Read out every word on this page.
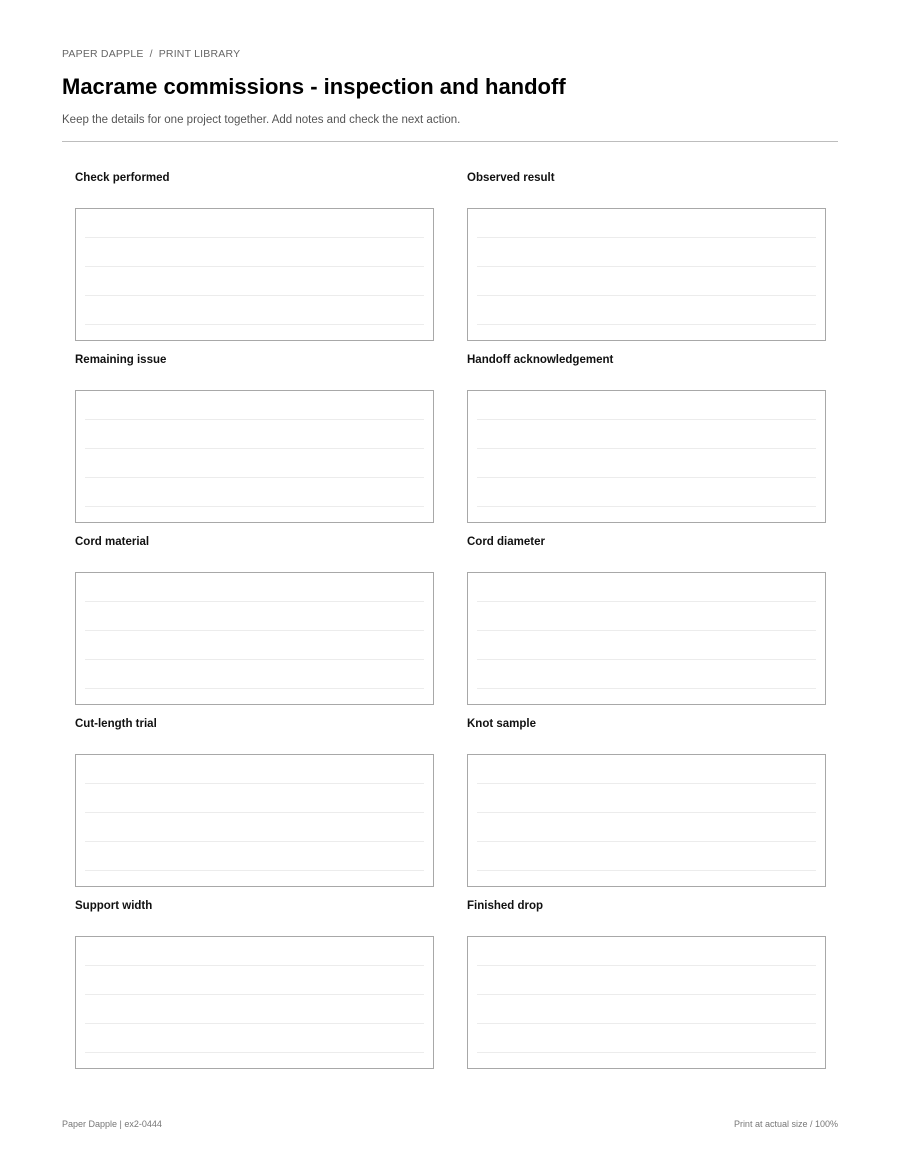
PAPER DAPPLE / PRINT LIBRARY
Macrame commissions - inspection and handoff
Keep the details for one project together. Add notes and check the next action.
Check performed	Observed result
Remaining issue	Handoff acknowledgement
Cord material	Cord diameter
Cut-length trial	Knot sample
Support width	Finished drop
Paper Dapple | ex2-0444	Print at actual size / 100%
